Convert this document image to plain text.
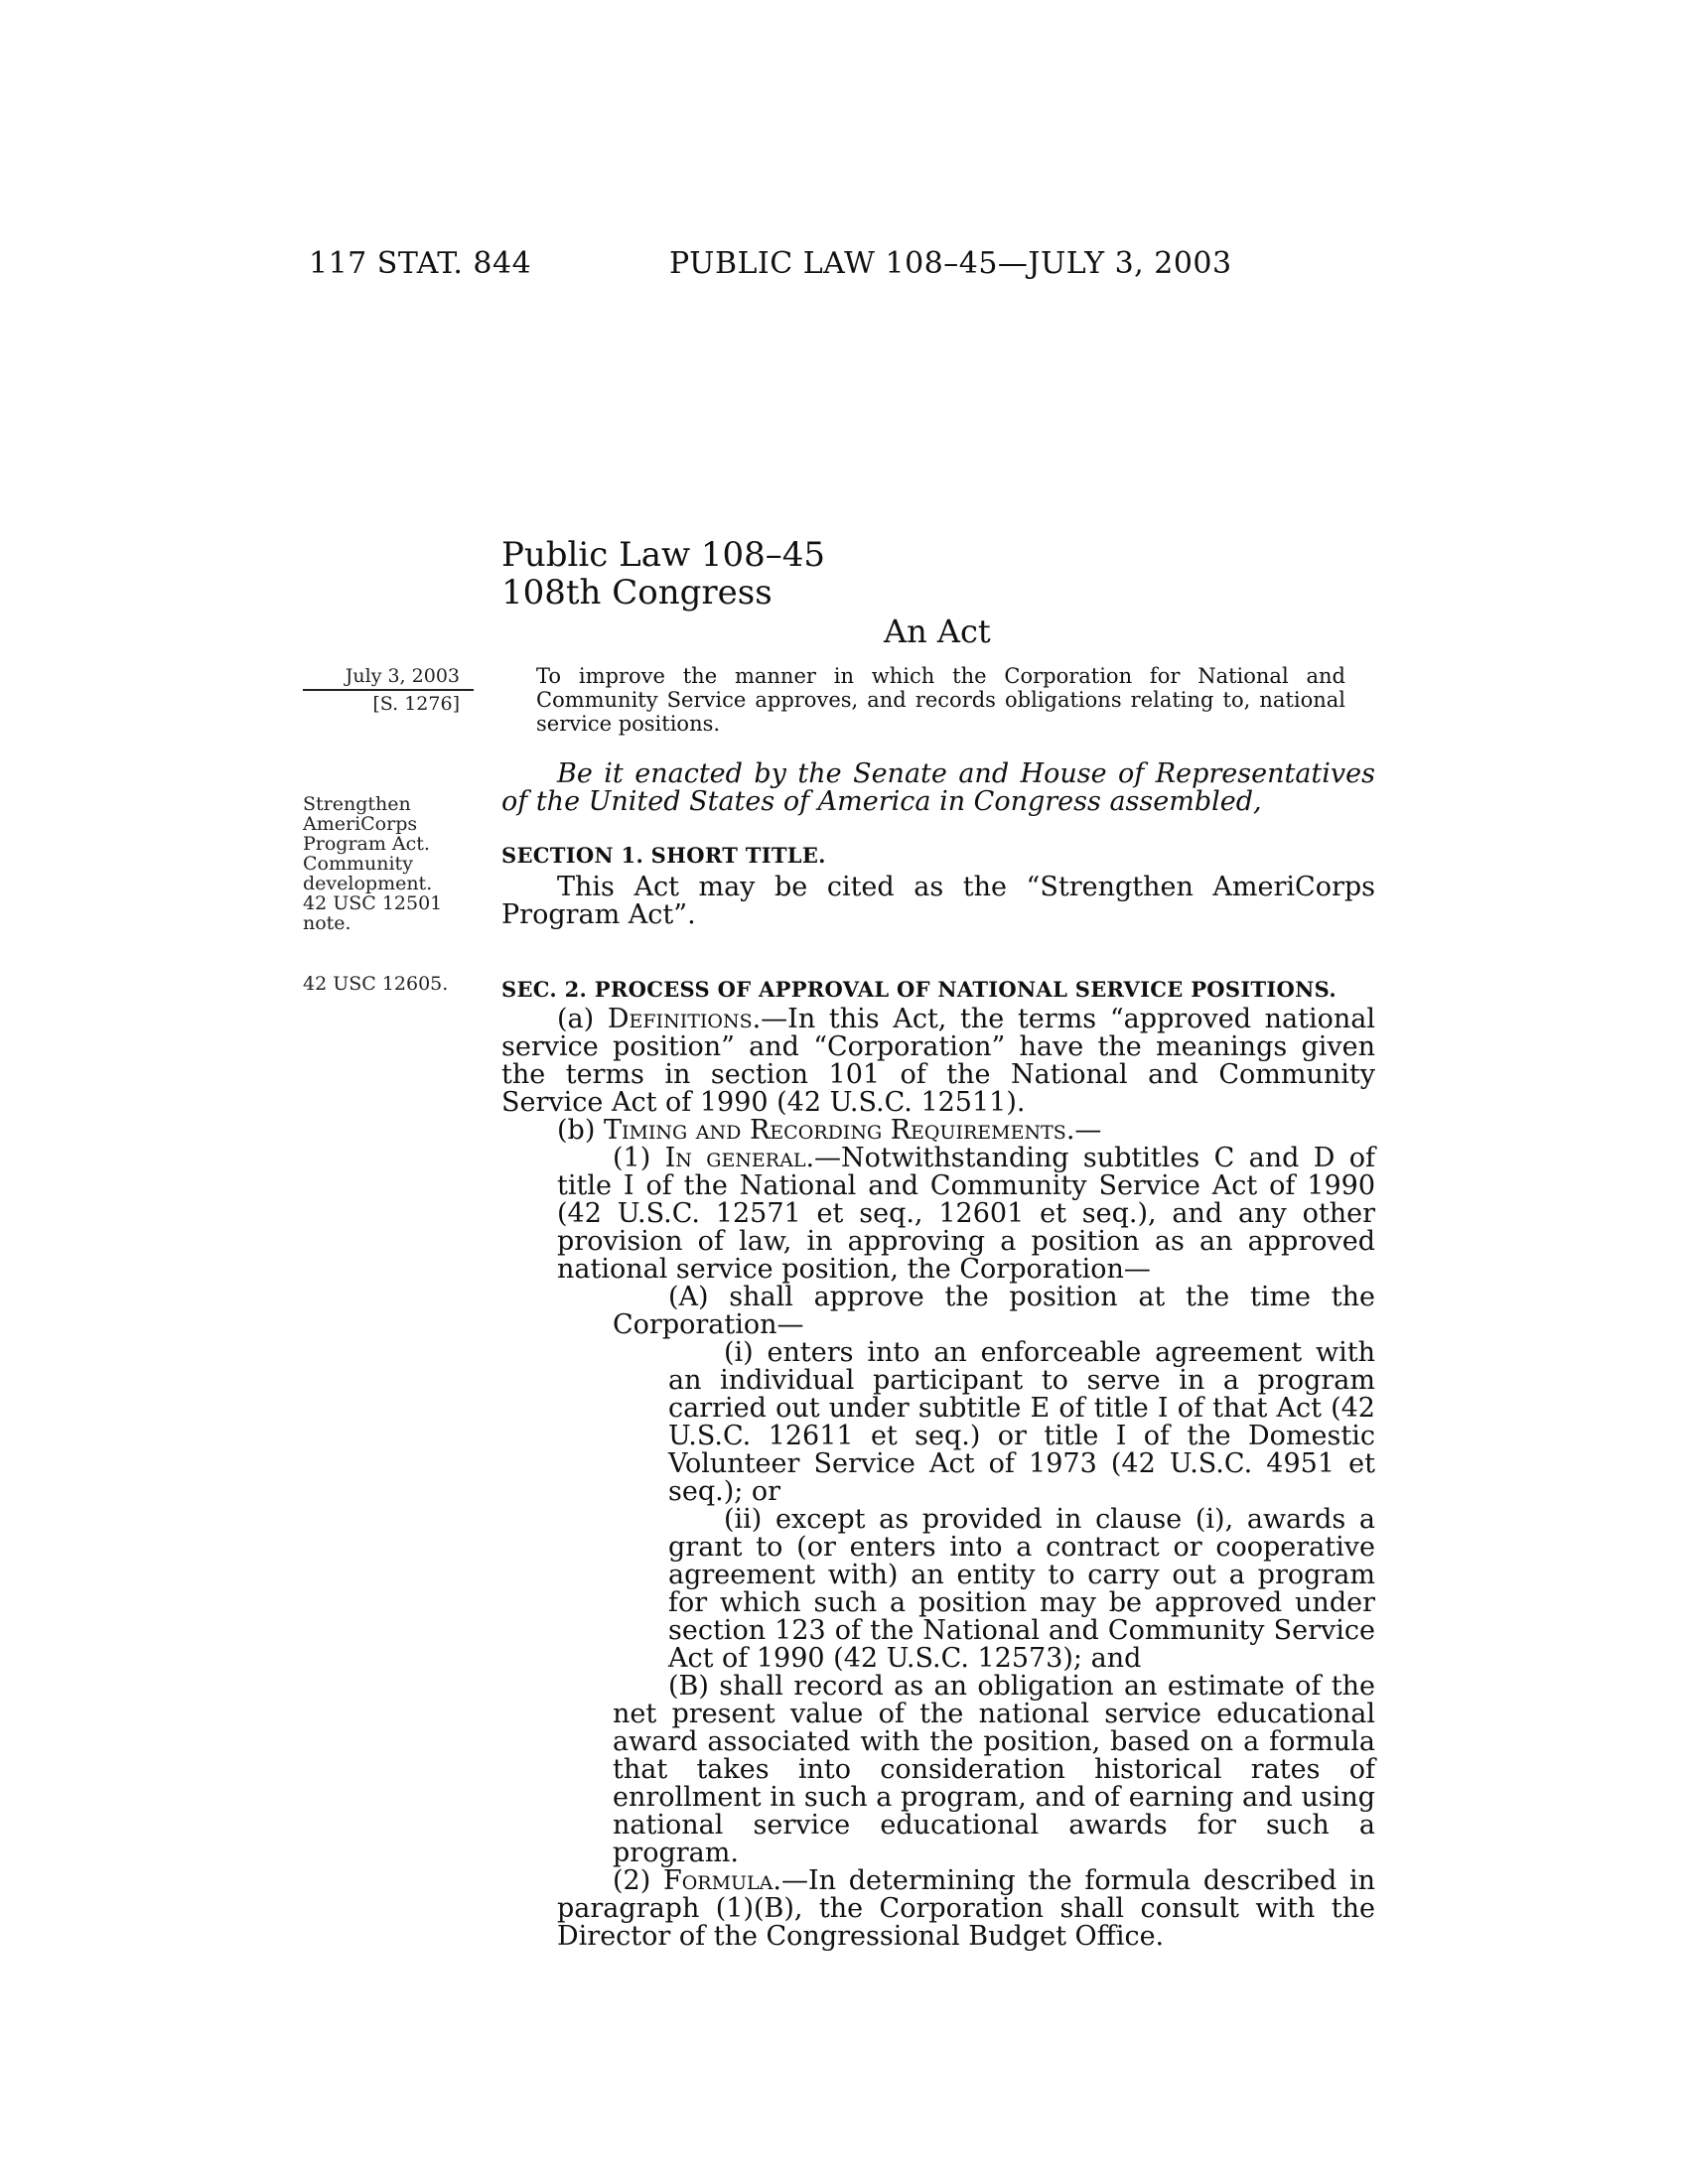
117 STAT. 844	PUBLIC LAW 108–45—JULY 3, 2003
Public Law 108–45
108th Congress
An Act
July 3, 2003
[S. 1276]
To improve the manner in which the Corporation for National and Community Service approves, and records obligations relating to, national service positions.
Strengthen
AmeriCorps
Program Act.
Community
development.
42 USC 12501
note.
42 USC 12605.
Be it enacted by the Senate and House of Representatives of the United States of America in Congress assembled,
SECTION 1. SHORT TITLE.
This Act may be cited as the “Strengthen AmeriCorps Program Act”.
SEC. 2. PROCESS OF APPROVAL OF NATIONAL SERVICE POSITIONS.

(a) Definitions.—In this Act, the terms “approved national service position” and “Corporation” have the meanings given the terms in section 101 of the National and Community Service Act of 1990 (42 U.S.C. 12511).

(b) Timing and Recording Requirements.—

(1) In general.—Notwithstanding subtitles C and D of title I of the National and Community Service Act of 1990 (42 U.S.C. 12571 et seq., 12601 et seq.), and any other provision of law, in approving a position as an approved national service position, the Corporation—

(A) shall approve the position at the time the Corporation—

(i) enters into an enforceable agreement with an individual participant to serve in a program carried out under subtitle E of title I of that Act (42 U.S.C. 12611 et seq.) or title I of the Domestic Volunteer Service Act of 1973 (42 U.S.C. 4951 et seq.); or

(ii) except as provided in clause (i), awards a grant to (or enters into a contract or cooperative agreement with) an entity to carry out a program for which such a position may be approved under section 123 of the National and Community Service Act of 1990 (42 U.S.C. 12573); and

(B) shall record as an obligation an estimate of the net present value of the national service educational award associated with the position, based on a formula that takes into consideration historical rates of enrollment in such a program, and of earning and using national service educational awards for such a program.

(2) Formula.—In determining the formula described in paragraph (1)(B), the Corporation shall consult with the Director of the Congressional Budget Office.
